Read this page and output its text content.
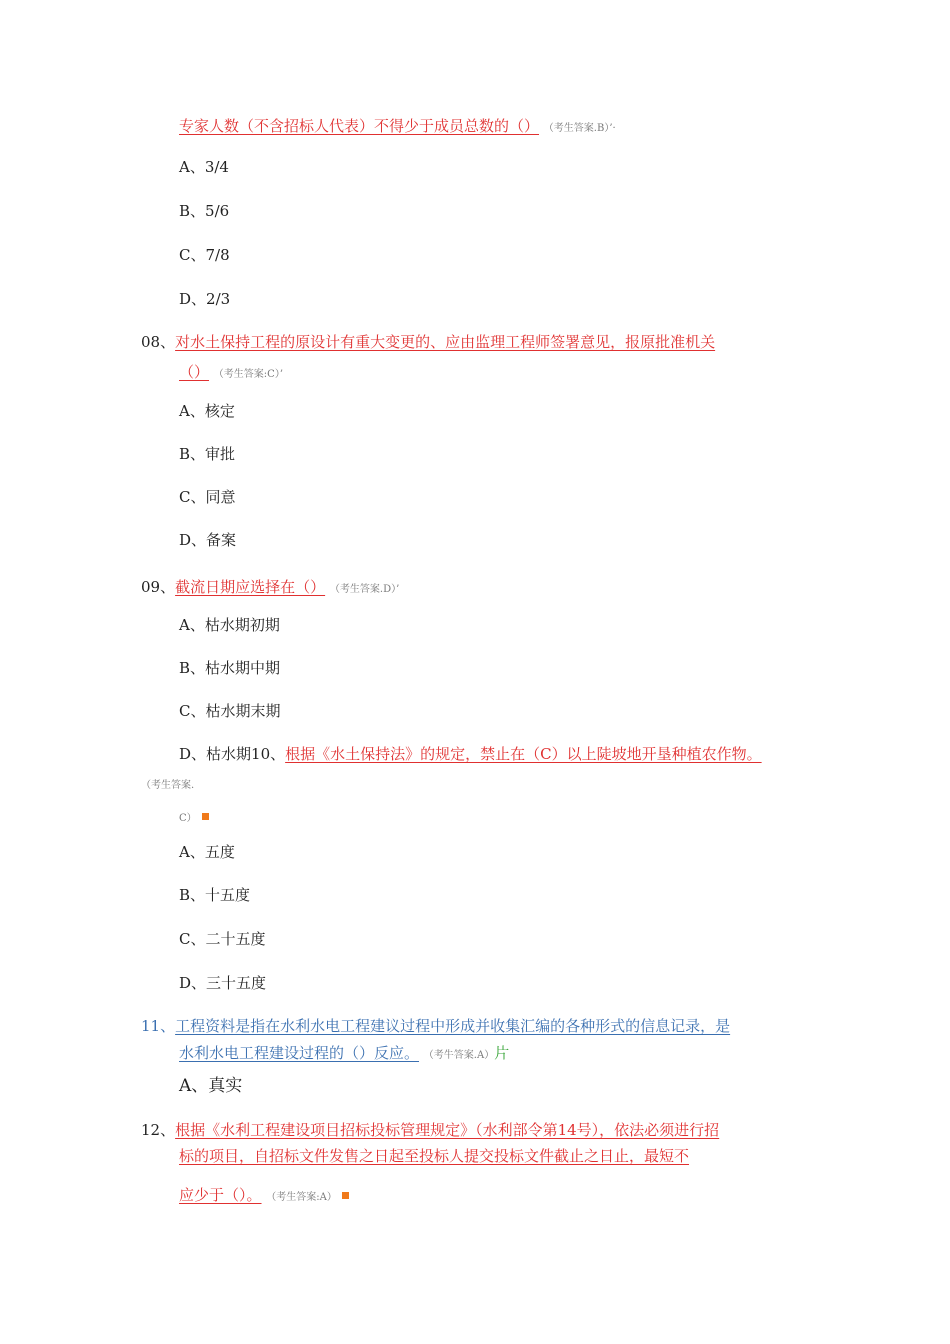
专家人数（不含招标人代表）不得少于成员总数的（） （考生答案.B）’·
A、3/4
B、5/6
C、7/8
D、2/3
08、对水土保持工程的原设计有重大变更的、应由监理工程师签署意见，报原批准机关
（） （考生答案:C）’
A、核定
B、审批
C、同意
D、备案
09、截流日期应选择在（） （考生答案.D）’
A、枯水期初期
B、枯水期中期
C、枯水期末期
D、枯水期10、根据《水土保持法》的规定，禁止在（C）以上陡坡地开垦种植农作物。
（考生答案.
C）
A、五度
B、十五度
C、二十五度
D、三十五度
11、工程资料是指在水利水电工程建议过程中形成并收集汇编的各种形式的信息记录，是
水利水电工程建设过程的（）反应。 （考牛答案.A）片
A、真实
12、根据《水利工程建设项目招标投标管理规定》（水利部令第14号），依法必须进行招
标的项目，自招标文件发售之日起至投标人提交投标文件截止之日止，最短不
应少于（）。 （考生答案:A）
